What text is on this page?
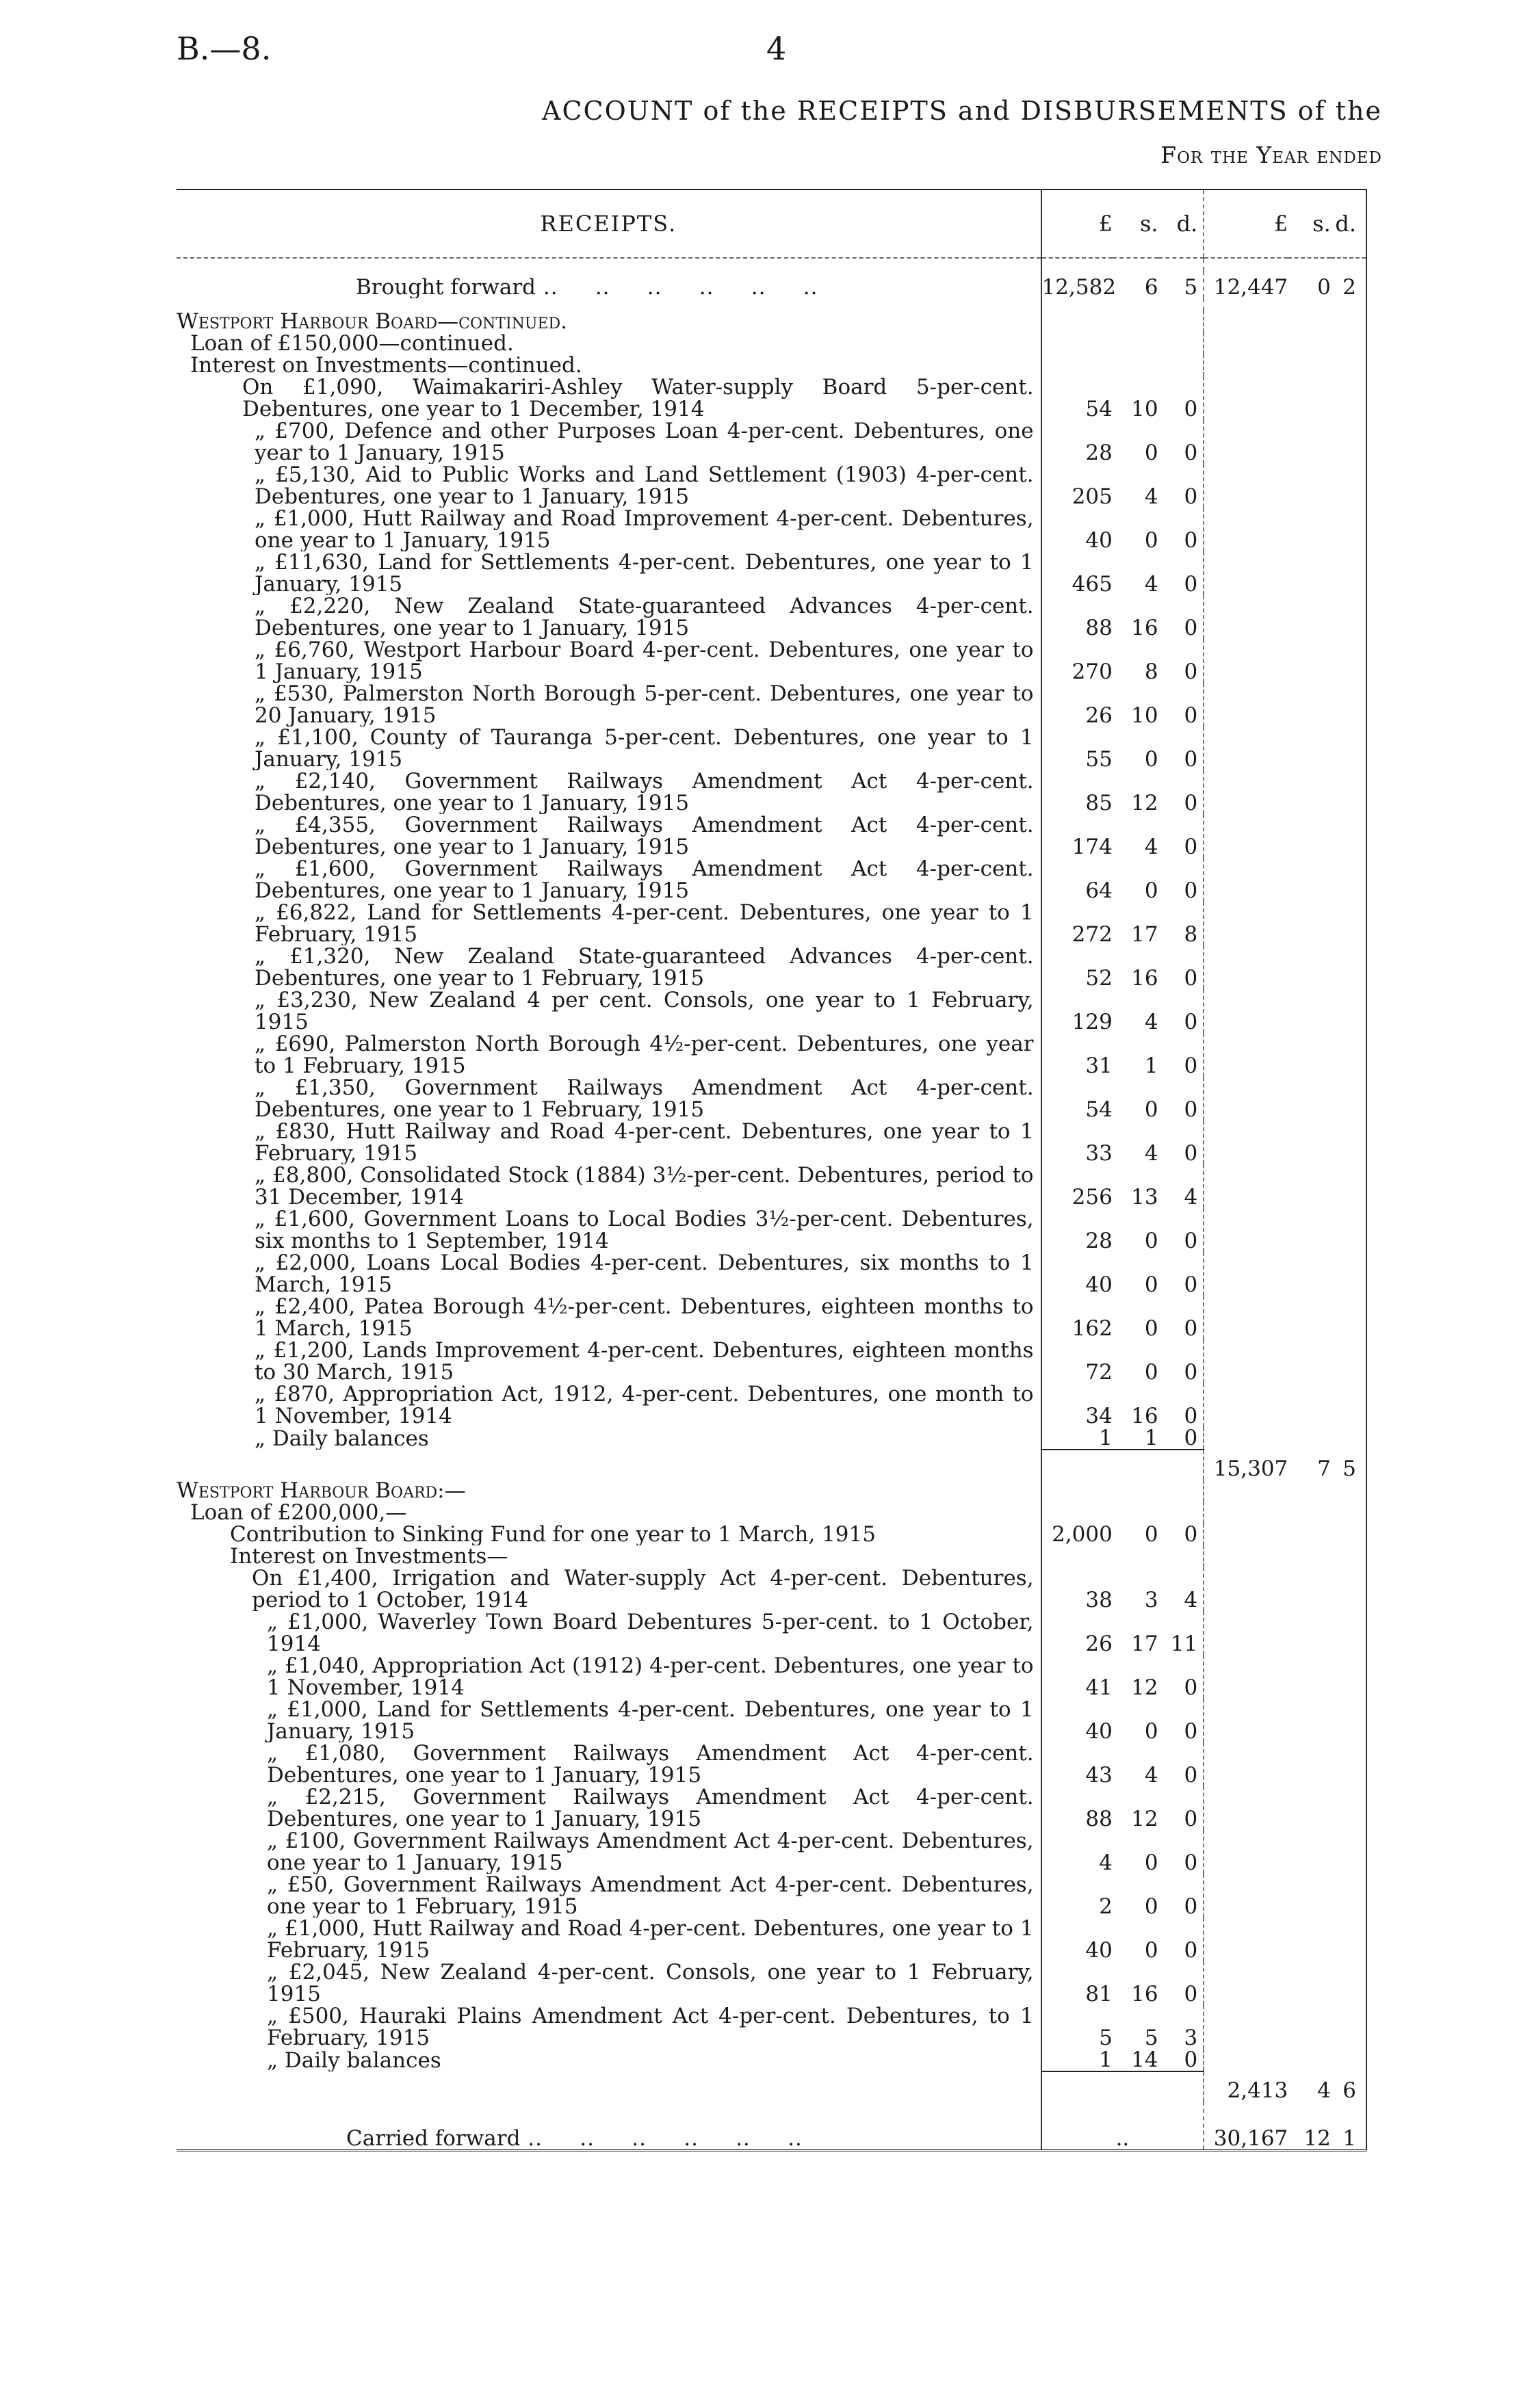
B.—8.	4
ACCOUNT of the RECEIPTS and DISBURSEMENTS of the
For the Year ended
RECEIPTS.	£	s.	d.	£	s.	d.

Brought forward ..     ..     ..     ..     ..     ..	12,582	6	5	12,447	0	2

Westport Harbour Board—continued.						
Loan of £150,000—continued.						
Interest on Investments—continued.						
On £1,090, Waimakariri-Ashley Water-supply Board 5-per-cent. Debentures, one year to 1 December, 1914	54	10	0			
„ £700, Defence and other Purposes Loan 4-per-cent. Debentures, one year to 1 January, 1915	28	0	0			
„ £5,130, Aid to Public Works and Land Settlement (1903) 4-per-cent. Debentures, one year to 1 January, 1915	205	4	0			
„ £1,000, Hutt Railway and Road Improvement 4-per-cent. Debentures, one year to 1 January, 1915	40	0	0			
„ £11,630, Land for Settlements 4-per-cent. Debentures, one year to 1 January, 1915	465	4	0			
„ £2,220, New Zealand State-guaranteed Advances 4-per-cent. Debentures, one year to 1 January, 1915	88	16	0			
„ £6,760, Westport Harbour Board 4-per-cent. Debentures, one year to 1 January, 1915	270	8	0			
„ £530, Palmerston North Borough 5-per-cent. Debentures, one year to 20 January, 1915	26	10	0			
„ £1,100, County of Tauranga 5-per-cent. Debentures, one year to 1 January, 1915	55	0	0			
„ £2,140, Government Railways Amendment Act 4-per-cent. Debentures, one year to 1 January, 1915	85	12	0			
„ £4,355, Government Railways Amendment Act 4-per-cent. Debentures, one year to 1 January, 1915	174	4	0			
„ £1,600, Government Railways Amendment Act 4-per-cent. Debentures, one year to 1 January, 1915	64	0	0			
„ £6,822, Land for Settlements 4-per-cent. Debentures, one year to 1 February, 1915	272	17	8			
„ £1,320, New Zealand State-guaranteed Advances 4-per-cent. Debentures, one year to 1 February, 1915	52	16	0			
„ £3,230, New Zealand 4 per cent. Consols, one year to 1 February, 1915	129	4	0			
„ £690, Palmerston North Borough 4½-per-cent. Debentures, one year to 1 February, 1915	31	1	0			
„ £1,350, Government Railways Amendment Act 4-per-cent. Debentures, one year to 1 February, 1915	54	0	0			
„ £830, Hutt Railway and Road 4-per-cent. Debentures, one year to 1 February, 1915	33	4	0			
„ £8,800, Consolidated Stock (1884) 3½-per-cent. Debentures, period to 31 December, 1914	256	13	4			
„ £1,600, Government Loans to Local Bodies 3½-per-cent. Debentures, six months to 1 September, 1914	28	0	0			
„ £2,000, Loans Local Bodies 4-per-cent. Debentures, six months to 1 March, 1915	40	0	0			
„ £2,400, Patea Borough 4½-per-cent. Debentures, eighteen months to 1 March, 1915	162	0	0			
„ £1,200, Lands Improvement 4-per-cent. Debentures, eighteen months to 30 March, 1915	72	0	0			
„ £870, Appropriation Act, 1912, 4-per-cent. Debentures, one month to 1 November, 1914	34	16	0			
„ Daily balances	1	1	0			
				15,307	7	5
Westport Harbour Board:—						
Loan of £200,000,—						
Contribution to Sinking Fund for one year to 1 March, 1915	2,000	0	0			
Interest on Investments—						
On £1,400, Irrigation and Water-supply Act 4-per-cent. Debentures, period to 1 October, 1914	38	3	4			
„ £1,000, Waverley Town Board Debentures 5-per-cent. to 1 October, 1914	26	17	11			
„ £1,040, Appropriation Act (1912) 4-per-cent. Debentures, one year to 1 November, 1914	41	12	0			
„ £1,000, Land for Settlements 4-per-cent. Debentures, one year to 1 January, 1915	40	0	0			
„ £1,080, Government Railways Amendment Act 4-per-cent. Debentures, one year to 1 January, 1915	43	4	0			
„ £2,215, Government Railways Amendment Act 4-per-cent. Debentures, one year to 1 January, 1915	88	12	0			
„ £100, Government Railways Amendment Act 4-per-cent. Debentures, one year to 1 January, 1915	4	0	0			
„ £50, Government Railways Amendment Act 4-per-cent. Debentures, one year to 1 February, 1915	2	0	0			
„ £1,000, Hutt Railway and Road 4-per-cent. Debentures, one year to 1 February, 1915	40	0	0			
„ £2,045, New Zealand 4-per-cent. Consols, one year to 1 February, 1915	81	16	0			
„ £500, Hauraki Plains Amendment Act 4-per-cent. Debentures, to 1 February, 1915	5	5	3			
„ Daily balances	1	14	0			
				2,413	4	6
Carried forward ..     ..     ..     ..     ..     ..	..			30,167	12	1
